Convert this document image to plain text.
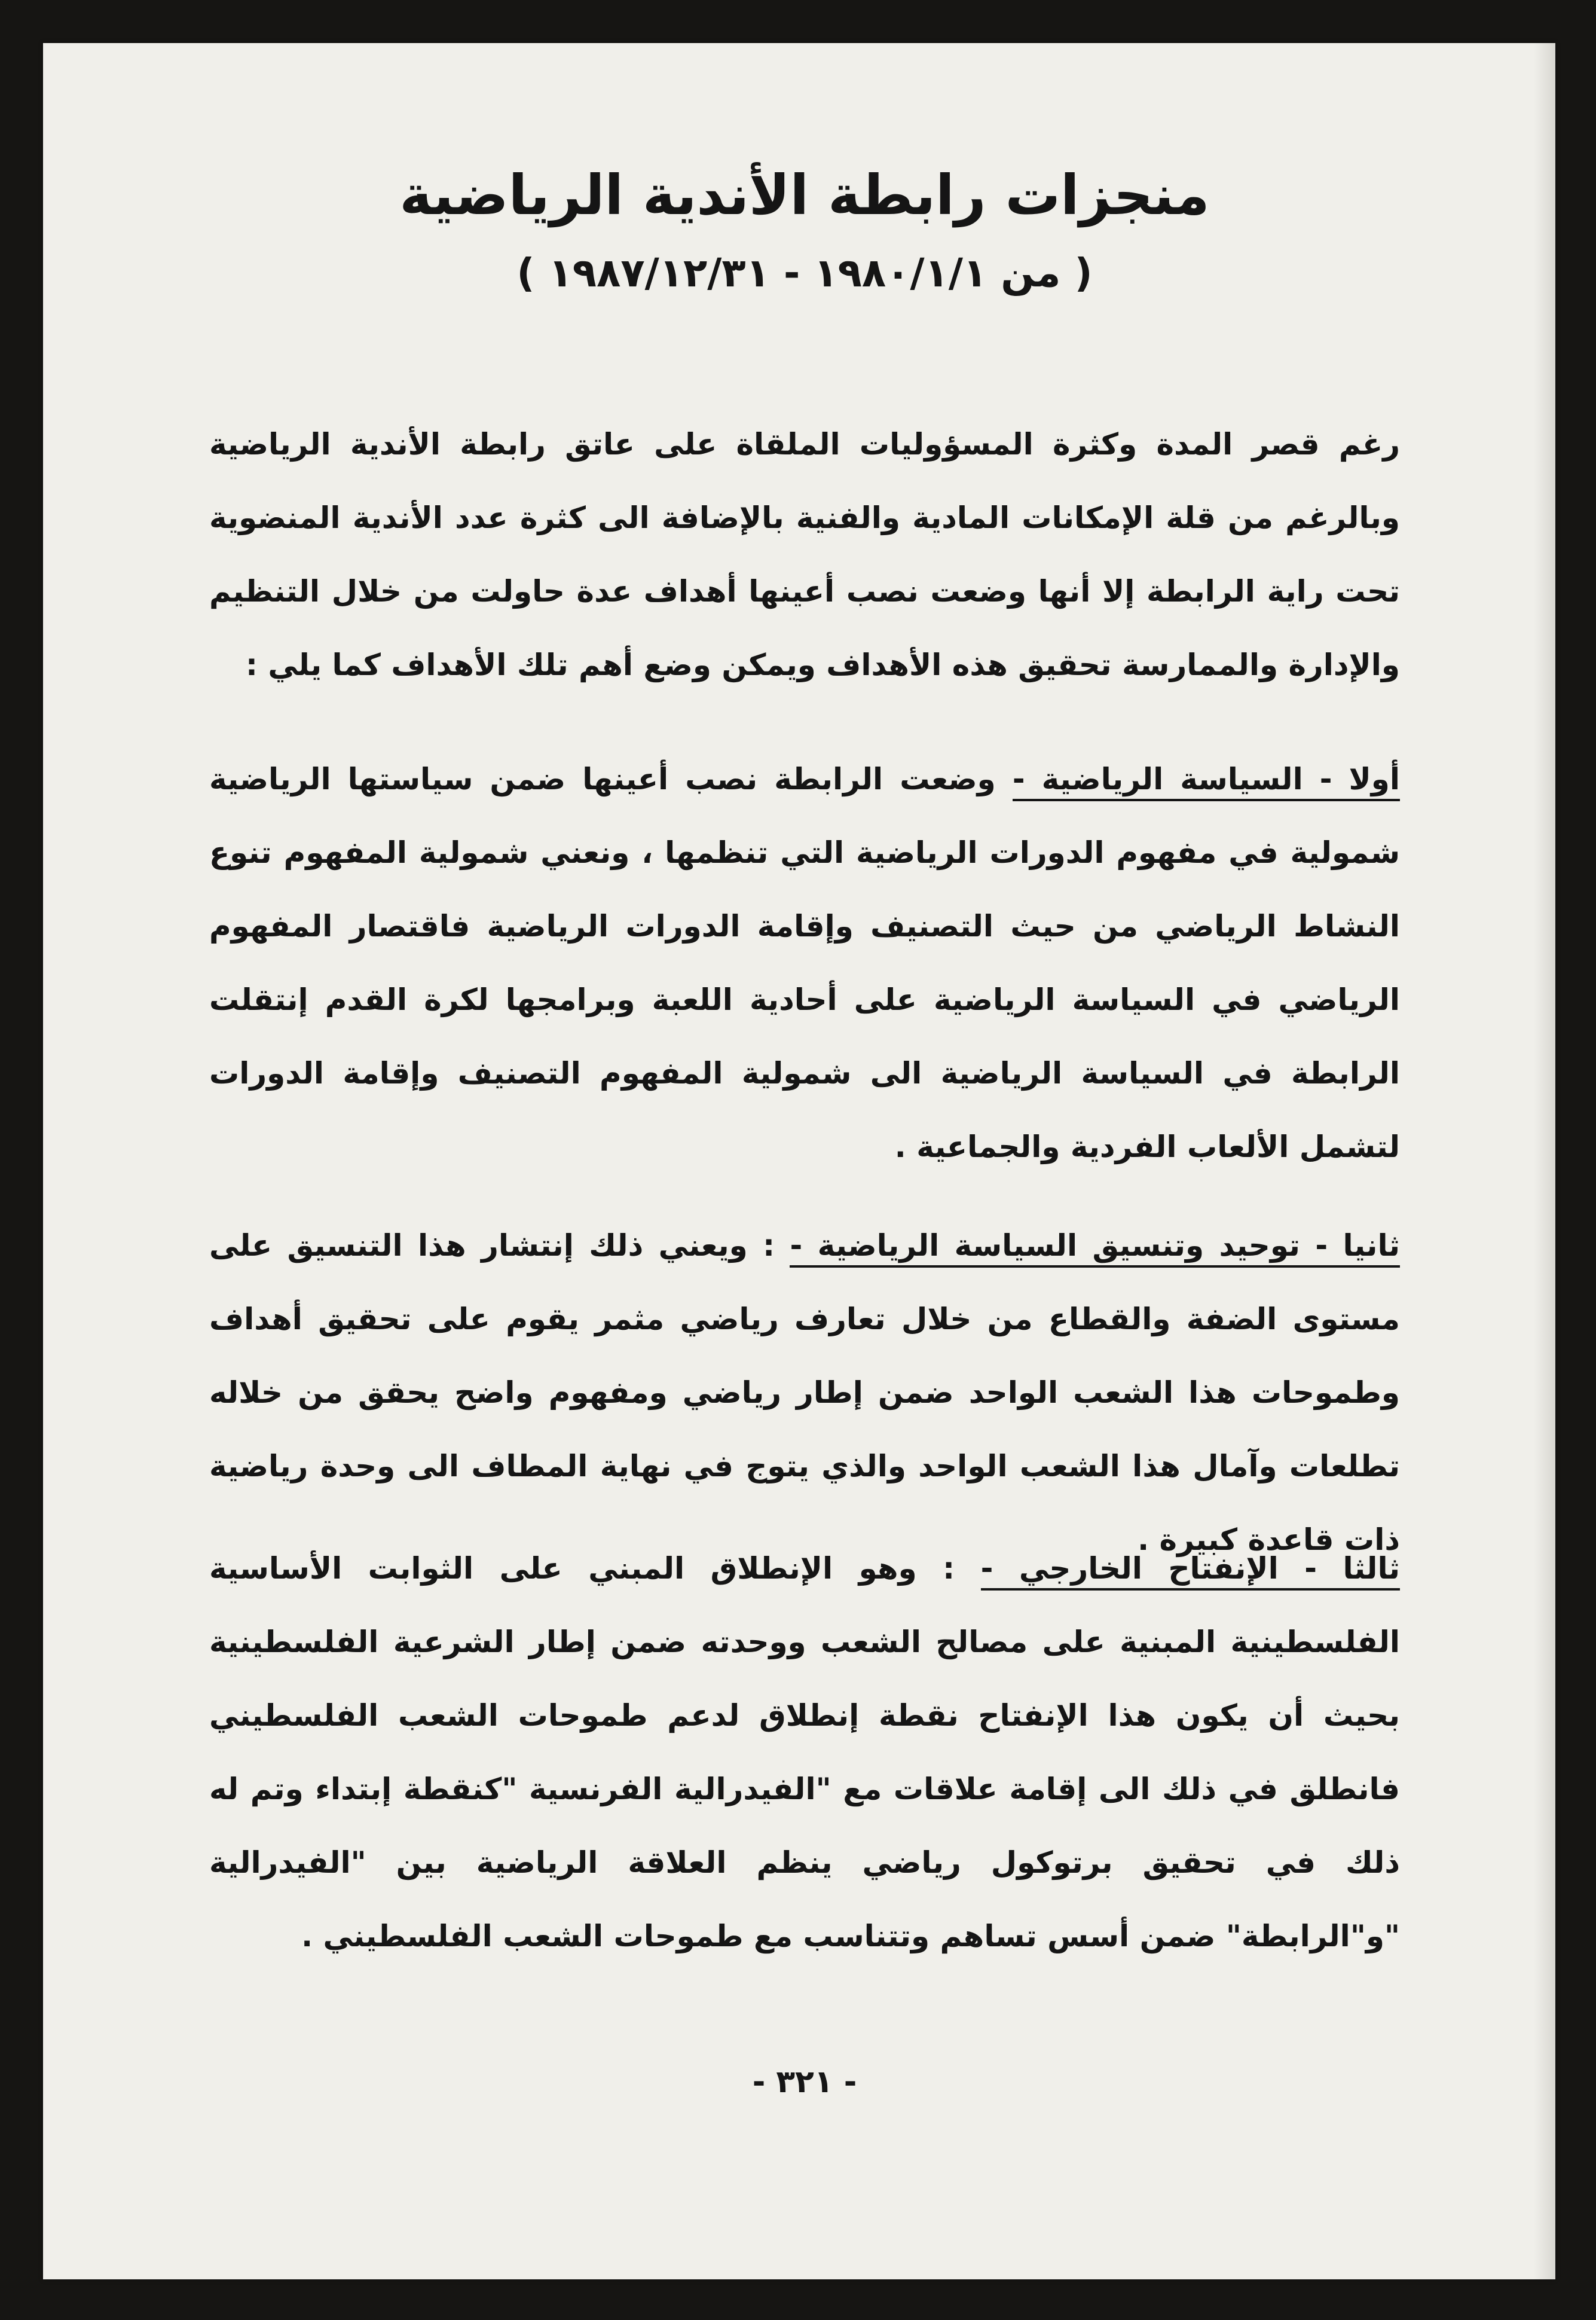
منجزات رابطة الأندية الرياضية
( من ١٩٨٠/١/١ - ١٩٨٧/١٢/٣١ )

رغم قصر المدة وكثرة المسؤوليات الملقاة على عاتق رابطة الأندية الرياضية وبالرغم من قلة الإمكانات المادية والفنية بالإضافة الى كثرة عدد الأندية المنضوية تحت راية الرابطة إلا أنها وضعت نصب أعينها أهداف عدة حاولت من خلال التنظيم والإدارة والممارسة تحقيق هذه الأهداف ويمكن وضع أهم تلك الأهداف كما يلي :

أولا - السياسة الرياضية - وضعت الرابطة نصب أعينها ضمن سياستها الرياضية شمولية في مفهوم الدورات الرياضية التي تنظمها ، ونعني شمولية المفهوم تنوع النشاط الرياضي من حيث التصنيف وإقامة الدورات الرياضية فاقتصار المفهوم الرياضي في السياسة الرياضية على أحادية اللعبة وبرامجها لكرة القدم إنتقلت الرابطة في السياسة الرياضية الى شمولية المفهوم التصنيف وإقامة الدورات لتشمل الألعاب الفردية والجماعية .

ثانيا - توحيد وتنسيق السياسة الرياضية - : ويعني ذلك إنتشار هذا التنسيق على مستوى الضفة والقطاع من خلال تعارف رياضي مثمر يقوم على تحقيق أهداف وطموحات هذا الشعب الواحد ضمن إطار رياضي ومفهوم واضح يحقق من خلاله تطلعات وآمال هذا الشعب الواحد والذي يتوج في نهاية المطاف الى وحدة رياضية ذات قاعدة كبيرة .

ثالثا - الإنفتاح الخارجي - : وهو الإنطلاق المبني على الثوابت الأساسية الفلسطينية المبنية على مصالح الشعب ووحدته ضمن إطار الشرعية الفلسطينية بحيث أن يكون هذا الإنفتاح نقطة إنطلاق لدعم طموحات الشعب الفلسطيني فانطلق في ذلك الى إقامة علاقات مع "الفيدرالية الفرنسية "كنقطة إبتداء وتم له ذلك في تحقيق برتوكول رياضي ينظم العلاقة الرياضية بين "الفيدرالية "و"الرابطة" ضمن أسس تساهم وتتناسب مع طموحات الشعب الفلسطيني .

- ٣٢١ -
